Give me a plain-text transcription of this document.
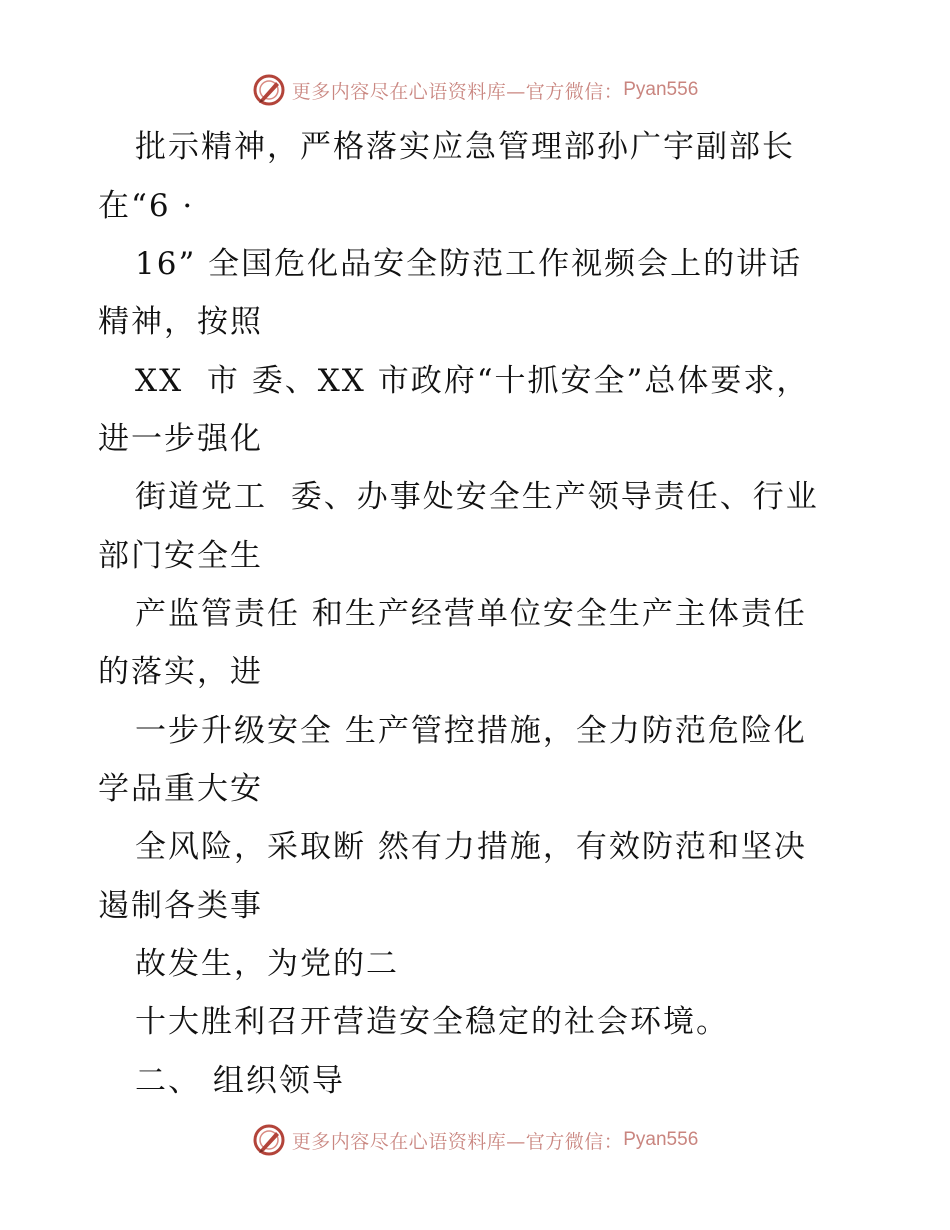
更多内容尽在心语资料库—官方微信： Pyan556
批示精神，严格落实应急管理部孙广宇副部长
在“6 ·
16” 全国危化品安全防范工作视频会上的讲话
精神，按照
XX  市 委、XX 市政府“十抓安全”总体要求，
进一步强化
街道党工  委、办事处安全生产领导责任、行业
部门安全生
产监管责任 和生产经营单位安全生产主体责任
的落实，进
一步升级安全 生产管控措施，全力防范危险化
学品重大安
全风险，采取断 然有力措施，有效防范和坚决
遏制各类事
故发生，为党的二
十大胜利召开营造安全稳定的社会环境。
二、 组织领导
更多内容尽在心语资料库—官方微信： Pyan556
